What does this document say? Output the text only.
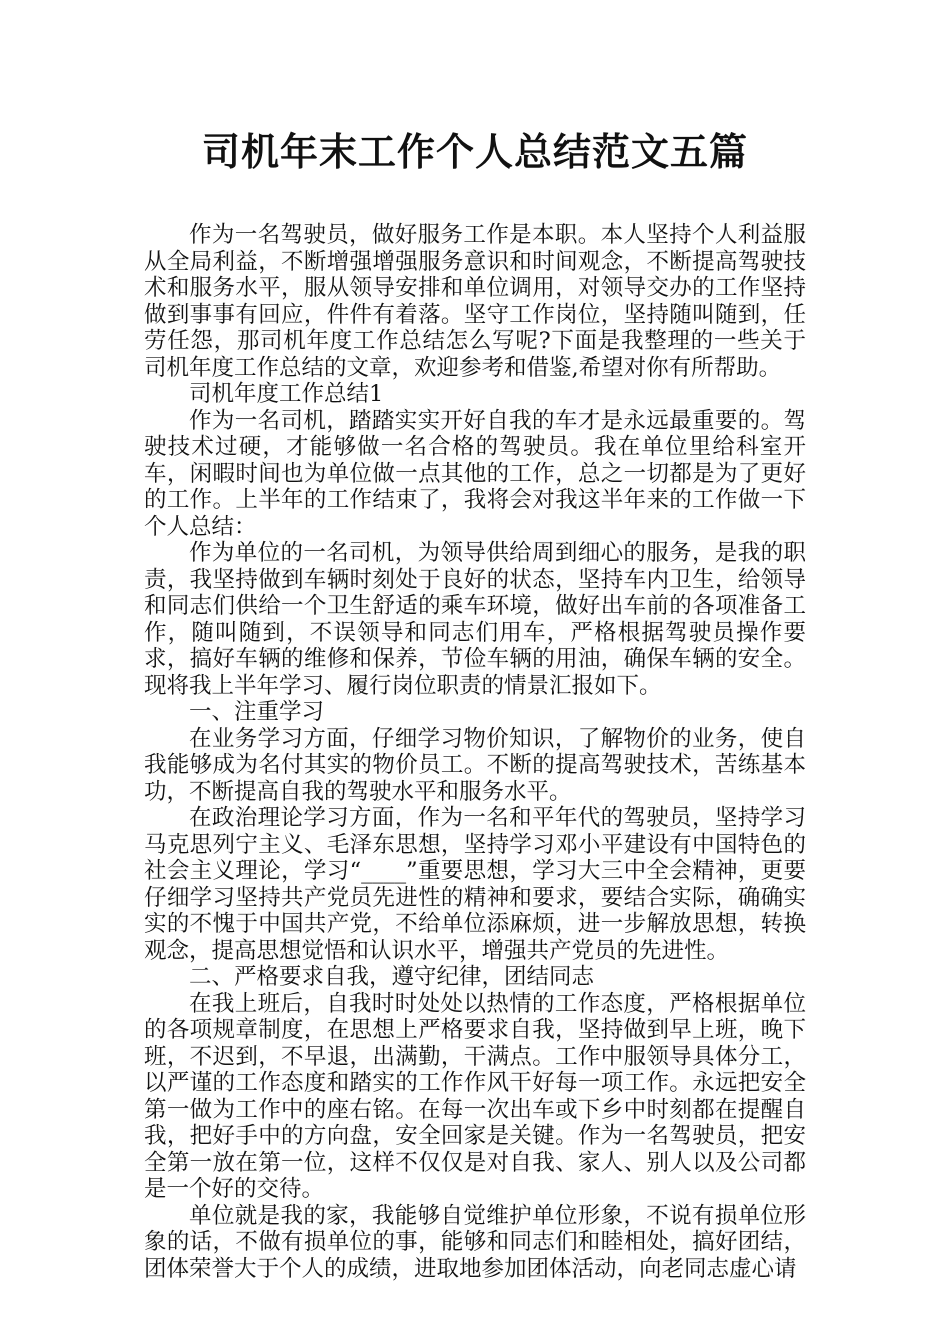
司机年末工作个人总结范文五篇

作为一名驾驶员，做好服务工作是本职。本人坚持个人利益服从全局利益，不断增强增强服务意识和时间观念，不断提高驾驶技术和服务水平，服从领导安排和单位调用，对领导交办的工作坚持做到事事有回应，件件有着落。坚守工作岗位，坚持随叫随到，任劳任怨，那司机年度工作总结怎么写呢?下面是我整理的一些关于司机年度工作总结的文章，欢迎参考和借鉴,希望对你有所帮助。

司机年度工作总结1

作为一名司机，踏踏实实开好自我的车才是永远最重要的。驾驶技术过硬，才能够做一名合格的驾驶员。我在单位里给科室开车，闲暇时间也为单位做一点其他的工作，总之一切都是为了更好的工作。上半年的工作结束了，我将会对我这半年来的工作做一下个人总结：

作为单位的一名司机，为领导供给周到细心的服务，是我的职责，我坚持做到车辆时刻处于良好的状态，坚持车内卫生，给领导和同志们供给一个卫生舒适的乘车环境，做好出车前的各项准备工作，随叫随到，不误领导和同志们用车，严格根据驾驶员操作要求，搞好车辆的维修和保养，节俭车辆的用油，确保车辆的安全。现将我上半年学习、履行岗位职责的情景汇报如下。

一、注重学习

在业务学习方面，仔细学习物价知识，了解物价的业务，使自我能够成为名付其实的物价员工。不断的提高驾驶技术，苦练基本功，不断提高自我的驾驶水平和服务水平。

在政治理论学习方面，作为一名和平年代的驾驶员，坚持学习马克思列宁主义、毛泽东思想，坚持学习邓小平建设有中国特色的社会主义理论，学习“____”重要思想，学习大三中全会精神，更要仔细学习坚持共产党员先进性的精神和要求，要结合实际，确确实实的不愧于中国共产党，不给单位添麻烦，进一步解放思想，转换观念，提高思想觉悟和认识水平，增强共产党员的先进性。

二、严格要求自我，遵守纪律，团结同志

在我上班后，自我时时处处以热情的工作态度，严格根据单位的各项规章制度，在思想上严格要求自我，坚持做到早上班，晚下班，不迟到，不早退，出满勤，干满点。工作中服领导具体分工，以严谨的工作态度和踏实的工作作风干好每一项工作。永远把安全第一做为工作中的座右铭。在每一次出车或下乡中时刻都在提醒自我，把好手中的方向盘，安全回家是关键。作为一名驾驶员，把安全第一放在第一位，这样不仅仅是对自我、家人、别人以及公司都是一个好的交待。

单位就是我的家，我能够自觉维护单位形象，不说有损单位形象的话，不做有损单位的事，能够和同志们和睦相处，搞好团结，团体荣誉大于个人的成绩，进取地参加团体活动，向老同志虚心请
